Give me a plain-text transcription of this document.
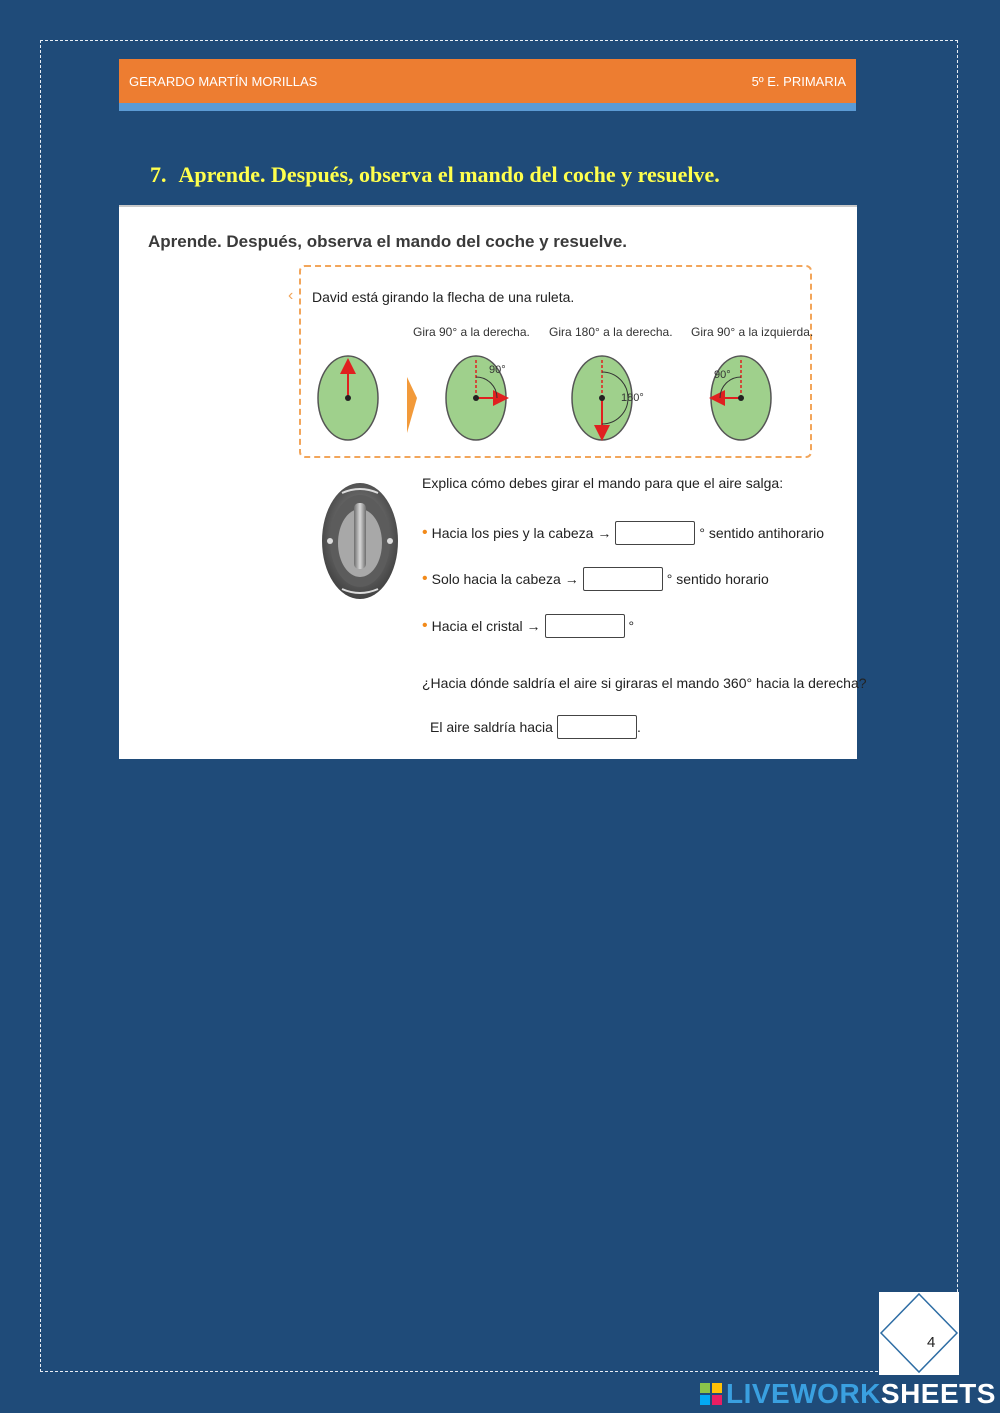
GERARDO MARTÍN MORILLAS	5º E. PRIMARIA
7. Aprende. Después, observa el mando del coche y resuelve.
Aprende. Después, observa el mando del coche y resuelve.
‹ David está girando la flecha de una ruleta.
Gira 90° a la derecha. Gira 180° a la derecha. Gira 90° a la izquierda.
90°
180°
90°
Explica cómo debes girar el mando para que el aire salga:
• Hacia los pies y la cabeza →	° sentido antihorario
• Solo hacia la cabeza →	° sentido horario
• Hacia el cristal →	°
¿Hacia dónde saldría el aire si giraras el mando 360° hacia la derecha?
El aire saldría hacia	.
4
LIVEWORKSHEETS
